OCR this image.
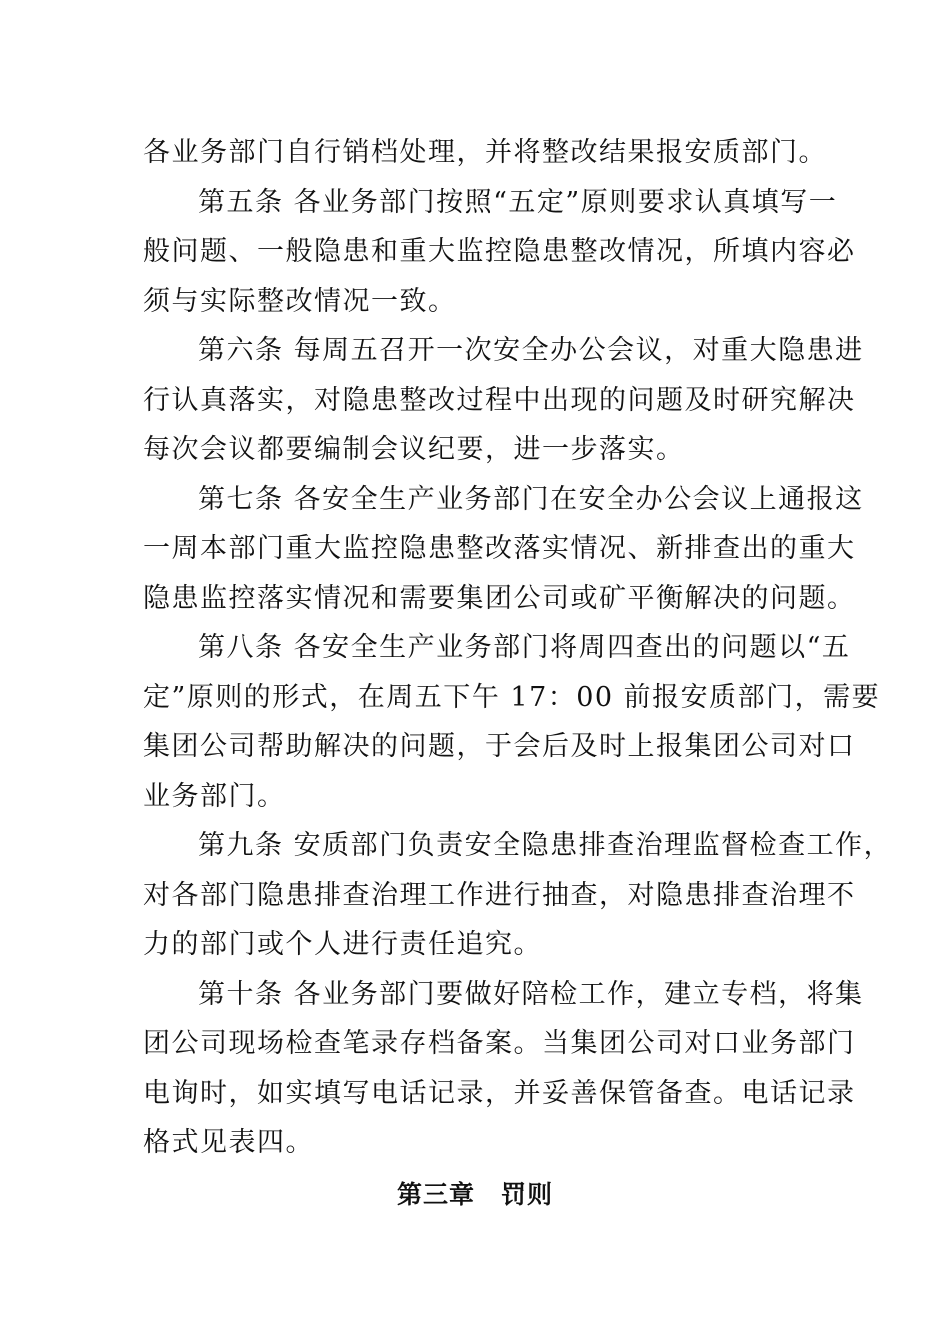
各业务部门自行销档处理，并将整改结果报安质部门。
第五条 各业务部门按照“五定”原则要求认真填写一
般问题、一般隐患和重大监控隐患整改情况，所填内容必
须与实际整改情况一致。
第六条 每周五召开一次安全办公会议，对重大隐患进
行认真落实，对隐患整改过程中出现的问题及时研究解决
每次会议都要编制会议纪要，进一步落实。
第七条 各安全生产业务部门在安全办公会议上通报这
一周本部门重大监控隐患整改落实情况、新排查出的重大
隐患监控落实情况和需要集团公司或矿平衡解决的问题。
第八条 各安全生产业务部门将周四查出的问题以“五
定”原则的形式，在周五下午 17：00 前报安质部门，需要
集团公司帮助解决的问题，于会后及时上报集团公司对口
业务部门。
第九条 安质部门负责安全隐患排查治理监督检查工作，
对各部门隐患排查治理工作进行抽查，对隐患排查治理不
力的部门或个人进行责任追究。
第十条 各业务部门要做好陪检工作，建立专档，将集
团公司现场检查笔录存档备案。当集团公司对口业务部门
电询时，如实填写电话记录，并妥善保管备查。电话记录
格式见表四。
第三章　罚则
